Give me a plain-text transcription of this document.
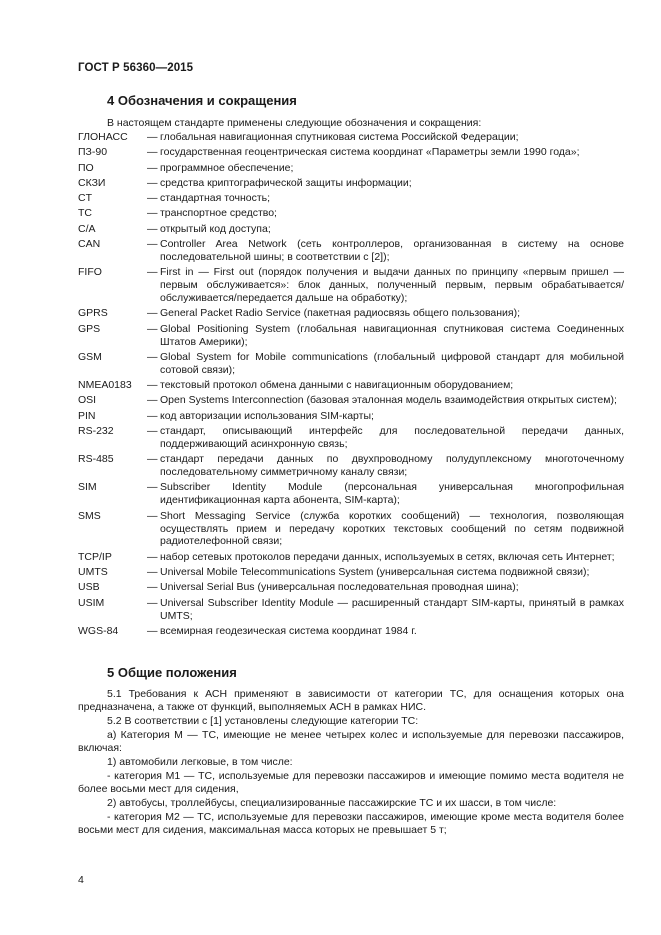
ГОСТ Р 56360—2015
4 Обозначения и сокращения
В настоящем стандарте применены следующие обозначения и сокращения:
ГЛОНАСС	— глобальная навигационная спутниковая система Российской Федерации;
ПЗ-90	— государственная геоцентрическая система координат «Параметры земли 1990 года»;
ПО	— программное обеспечение;
СКЗИ	— средства криптографической защиты информации;
CT	— стандартная точность;
ТС	— транспортное средство;
C/A	— открытый код доступа;
CAN	— Controller Area Network (сеть контроллеров, организованная в систему на основе последовательной шины; в соответствии с [2]);
FIFO	— First in — First out (порядок получения и выдачи данных по принципу «первым пришел — первым обслуживается»: блок данных, полученный первым, первым обрабатывается/обслуживается/передается дальше на обработку);
GPRS	— General Packet Radio Service (пакетная радиосвязь общего пользования);
GPS	— Global Positioning System (глобальная навигационная спутниковая система Соединенных Штатов Америки);
GSM	— Global System for Mobile communications (глобальный цифровой стандарт для мобильной сотовой связи);
NMEA0183	— текстовый протокол обмена данными с навигационным оборудованием;
OSI	— Open Systems Interconnection (базовая эталонная модель взаимодействия открытых систем);
PIN	— код авторизации использования SIM-карты;
RS-232	— стандарт, описывающий интерфейс для последовательной передачи данных, поддерживающий асинхронную связь;
RS-485	— стандарт передачи данных по двухпроводному полудуплексному многоточечному последовательному симметричному каналу связи;
SIM	— Subscriber Identity Module (персональная универсальная многопрофильная идентификационная карта абонента, SIM-карта);
SMS	— Short Messaging Service (служба коротких сообщений) — технология, позволяющая осуществлять прием и передачу коротких текстовых сообщений по сетям подвижной радиотелефонной связи;
TCP/IP	— набор сетевых протоколов передачи данных, используемых в сетях, включая сеть Интернет;
UMTS	— Universal Mobile Telecommunications System (универсальная система подвижной связи);
USB	— Universal Serial Bus (универсальная последовательная проводная шина);
USIM	— Universal Subscriber Identity Module — расширенный стандарт SIM-карты, принятый в рамках UMTS;
WGS-84	— всемирная геодезическая система координат 1984 г.
5 Общие положения

5.1 Требования к АСН применяют в зависимости от категории ТС, для оснащения которых она предназначена, а также от функций, выполняемых АСН в рамках НИС.

5.2 В соответствии с [1] установлены следующие категории ТС:

а) Категория М — ТС, имеющие не менее четырех колес и используемые для перевозки пассажиров, включая:

1) автомобили легковые, в том числе:

- категория М1 — ТС, используемые для перевозки пассажиров и имеющие помимо места водителя не более восьми мест для сидения,

2) автобусы, троллейбусы, специализированные пассажирские ТС и их шасси, в том числе:

- категория М2 — ТС, используемые для перевозки пассажиров, имеющие кроме места водителя более восьми мест для сидения, максимальная масса которых не превышает 5 т;

4
